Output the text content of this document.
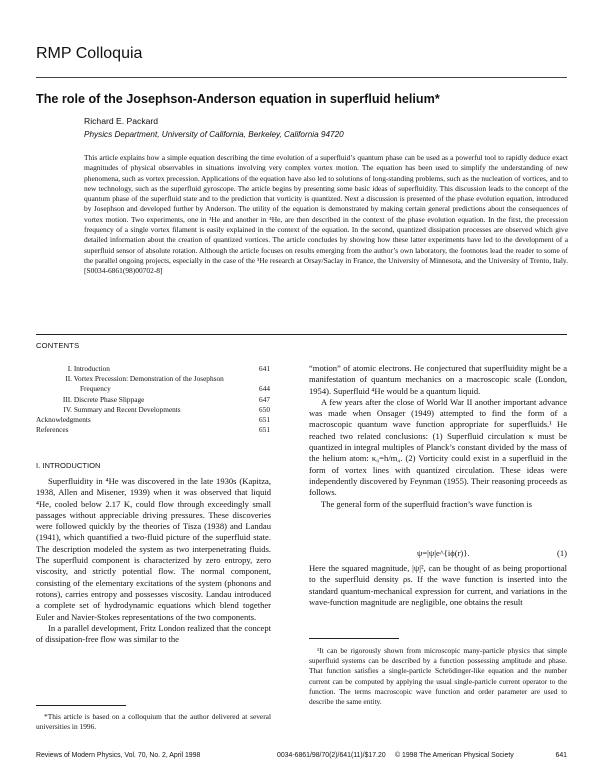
RMP Colloquia
The role of the Josephson-Anderson equation in superfluid helium*
Richard E. Packard
Physics Department, University of California, Berkeley, California 94720
This article explains how a simple equation describing the time evolution of a superfluid’s quantum phase can be used as a powerful tool to rapidly deduce exact magnitudes of physical observables in situations involving very complex vortex motion. The equation has been used to simplify the understanding of new phenomena, such as vortex precession. Applications of the equation have also led to solutions of long-standing problems, such as the nucleation of vortices, and to new technology, such as the superfluid gyroscope. The article begins by presenting some basic ideas of superfluidity. This discussion leads to the concept of the quantum phase of the superfluid state and to the prediction that vorticity is quantized. Next a discussion is presented of the phase evolution equation, introduced by Josephson and developed further by Anderson. The utility of the equation is demonstrated by making certain general predictions about the consequences of vortex motion. Two experiments, one in ³He and another in ⁴He, are then described in the context of the phase evolution equation. In the first, the precession frequency of a single vortex filament is easily explained in the context of the equation. In the second, quantized dissipation processes are observed which give detailed information about the creation of quantized vortices. The article concludes by showing how these latter experiments have led to the development of a superfluid sensor of absolute rotation. Although the article focuses on results emerging from the author’s own laboratory, the footnotes lead the reader to some of the parallel ongoing projects, especially in the case of the ³He research at Orsay/Saclay in France, the University of Minnesota, and the University of Trento, Italy. [S0034-6861(98)00702-8]
CONTENTS
I. Introduction	641
II. Vortex Precession: Demonstration of the Josephson
Frequency	644
III. Discrete Phase Slippage	647
IV. Summary and Recent Developments	650
Acknowledgments	651
References	651
I. INTRODUCTION

Superfluidity in ⁴He was discovered in the late 1930s (Kapitza, 1938, Allen and Misener, 1939) when it was observed that liquid ⁴He, cooled below 2.17 K, could flow through exceedingly small passages without appreciable driving pressures. These discoveries were followed quickly by the theories of Tisza (1938) and Landau (1941), which quantified a two-fluid picture of the superfluid state. The description modeled the system as two interpenetrating fluids. The superfluid component is characterized by zero entropy, zero viscosity, and strictly potential flow. The normal component, consisting of the elementary excitations of the system (phonons and rotons), carries entropy and possesses viscosity. Landau introduced a complete set of hydrodynamic equations which blend together Euler and Navier-Stokes representations of the two components.

In a parallel development, Fritz London realized that the concept of dissipation-free flow was similar to the

“motion” of atomic electrons. He conjectured that superfluidity might be a manifestation of quantum mechanics on a macroscopic scale (London, 1954). Superfluid ⁴He would be a quantum liquid.

A few years after the close of World War II another important advance was made when Onsager (1949) attempted to find the form of a macroscopic quantum wave function appropriate for superfluids.¹ He reached two related conclusions: (1) Superfluid circulation κ must be quantized in integral multiples of Planck’s constant divided by the mass of the helium atom: κ₀=h/m₄. (2) Vorticity could exist in a superfluid in the form of vortex lines with quantized circulation. These ideas were independently discovered by Feynman (1955). Their reasoning proceeds as follows.

The general form of the superfluid fraction’s wave function is

ψ=|ψ|e^{iϕ(r)}.	(1)

Here the squared magnitude, |ψ|², can be thought of as being proportional to the superfluid density ρs. If the wave function is inserted into the standard quantum-mechanical expression for current, and variations in the wave-function magnitude are negligible, one obtains the result

*This article is based on a colloquium that the author delivered at several universities in 1996.

¹It can be rigorously shown from microscopic many-particle physics that simple superfluid systems can be described by a function possessing amplitude and phase. That function satisfies a single-particle Schrödinger-like equation and the number current can be computed by applying the usual single-particle current operator to the function. The terms macroscopic wave function and order parameter are used to describe the same entity.

Reviews of Modern Physics, Vol. 70, No. 2, April 1998	0034-6861/98/70(2)/641(11)/$17.20 © 1998 The American Physical Society	641
